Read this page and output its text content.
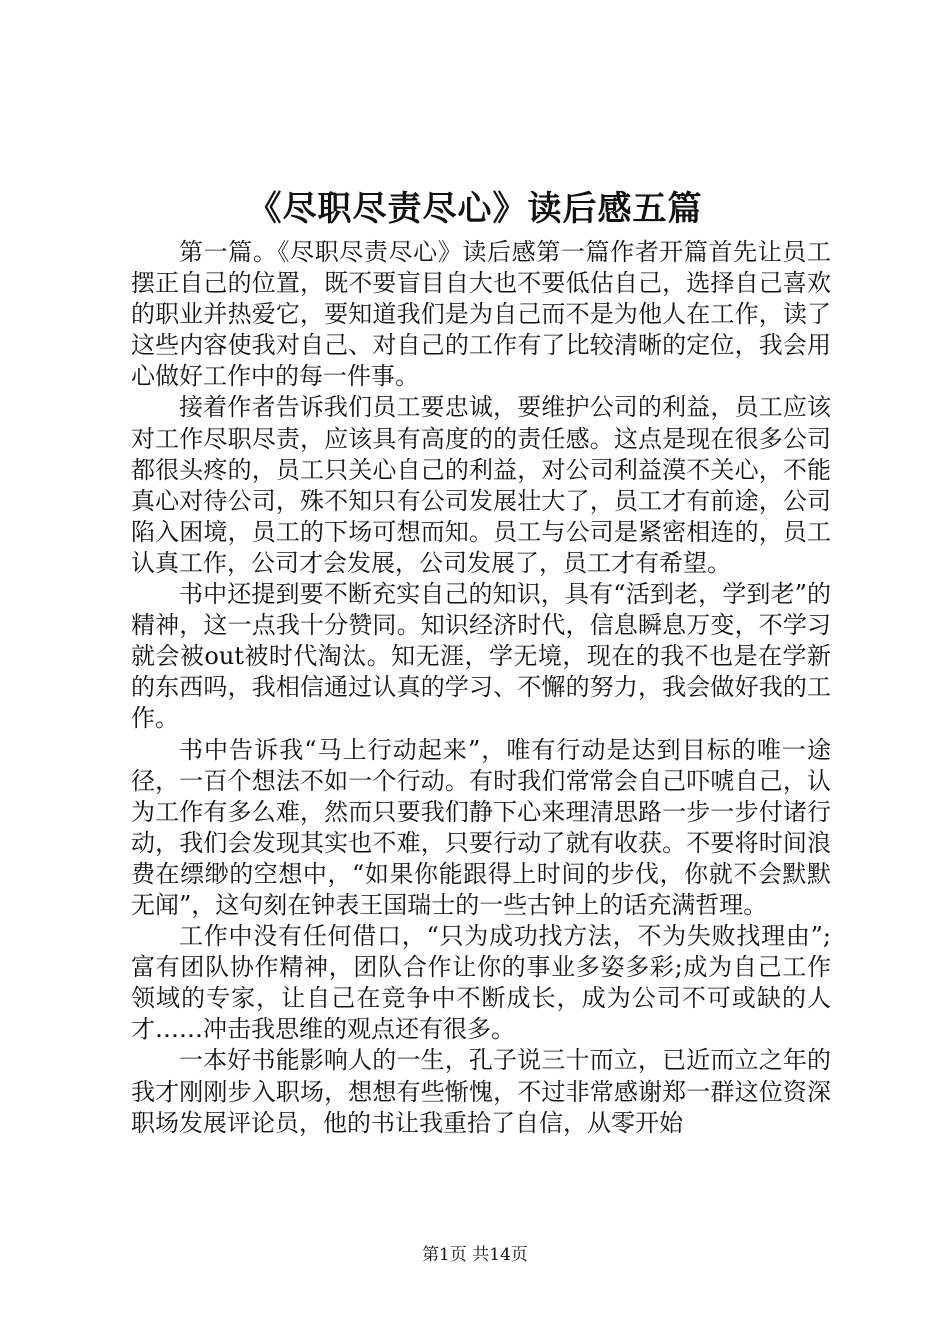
《尽职尽责尽心》读后感五篇

第一篇。《尽职尽责尽心》读后感第一篇作者开篇首先让员工摆正自己的位置，既不要盲目自大也不要低估自己，选择自己喜欢的职业并热爱它，要知道我们是为自己而不是为他人在工作，读了这些内容使我对自己、对自己的工作有了比较清晰的定位，我会用心做好工作中的每一件事。

接着作者告诉我们员工要忠诚，要维护公司的利益，员工应该对工作尽职尽责，应该具有高度的的责任感。这点是现在很多公司都很头疼的，员工只关心自己的利益，对公司利益漠不关心，不能真心对待公司，殊不知只有公司发展壮大了，员工才有前途，公司陷入困境，员工的下场可想而知。员工与公司是紧密相连的，员工认真工作，公司才会发展，公司发展了，员工才有希望。

书中还提到要不断充实自己的知识，具有“活到老，学到老”的精神，这一点我十分赞同。知识经济时代，信息瞬息万变，不学习就会被out被时代淘汰。知无涯，学无境，现在的我不也是在学新的东西吗，我相信通过认真的学习、不懈的努力，我会做好我的工作。

书中告诉我“马上行动起来”，唯有行动是达到目标的唯一途径，一百个想法不如一个行动。有时我们常常会自己吓唬自己，认为工作有多么难，然而只要我们静下心来理清思路一步一步付诸行动，我们会发现其实也不难，只要行动了就有收获。不要将时间浪费在缥缈的空想中，“如果你能跟得上时间的步伐，你就不会默默无闻”，这句刻在钟表王国瑞士的一些古钟上的话充满哲理。

工作中没有任何借口，“只为成功找方法，不为失败找理由”;富有团队协作精神，团队合作让你的事业多姿多彩;成为自己工作领域的专家，让自己在竞争中不断成长，成为公司不可或缺的人才……冲击我思维的观点还有很多。

一本好书能影响人的一生，孔子说三十而立，已近而立之年的我才刚刚步入职场，想想有些惭愧，不过非常感谢郑一群这位资深职场发展评论员，他的书让我重拾了自信，从零开始

第1页 共14页
